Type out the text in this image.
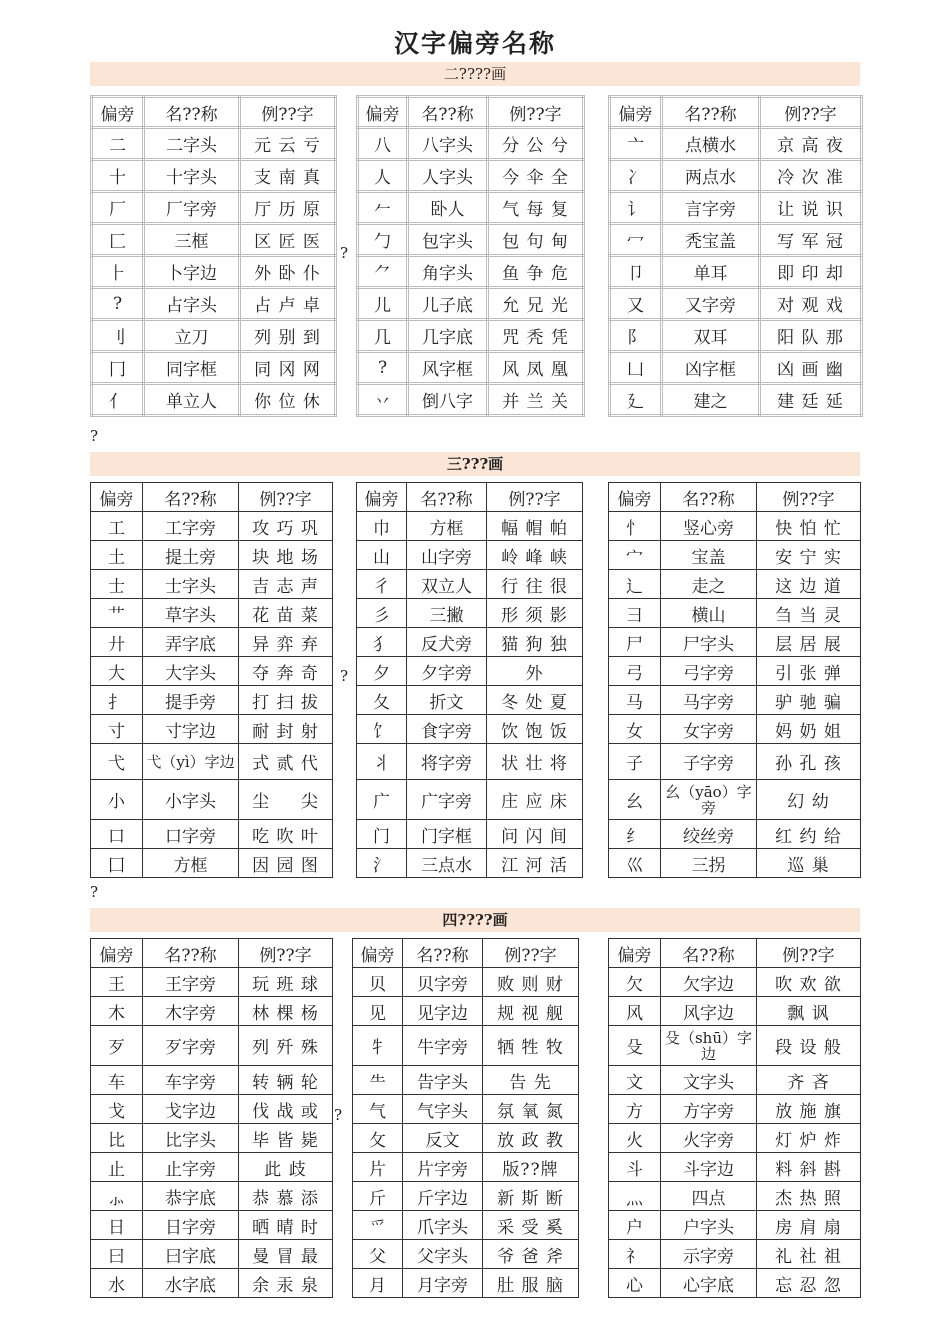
汉字偏旁名称
二????画
偏旁	名??称	例??字
二	二字头	元 云 亏
十	十字头	支 南 真
厂	厂字旁	厅 历 原
匚	三框	区 匠 医
⺊	卜字边	外 卧 仆
?	占字头	占 卢 卓
刂	立刀	列 别 到
冂	同字框	同 冈 网
亻	单立人	你 位 休
偏旁	名??称	例??字
八	八字头	分 公 兮
人	人字头	今 伞 全
𠂉	卧人	气 每 复
勹	包字头	包 句 甸
⺈	角字头	鱼 争 危
儿	儿子底	允 兄 光
几	几字底	咒 秃 凭
?	风字框	风 凤 凰
丷	倒八字	并 兰 关
偏旁	名??称	例??字
亠	点横水	京 高 夜
冫	两点水	冷 次 准
讠	言字旁	让 说 识
冖	秃宝盖	写 军 冠
卩	单耳	即 印 却
又	又字旁	对 观 戏
阝	双耳	阳 队 那
凵	凶字框	凶 画 幽
廴	建之	建 廷 延
?
?
三???画
偏旁	名??称	例??字
工	工字旁	攻 巧 巩
土	提土旁	块 地 场
士	士字头	吉 志 声
艹	草字头	花 苗 菜
廾	弄字底	异 弈 弃
大	大字头	夺 奔 奇
扌	提手旁	打 扫 拔
寸	寸字边	耐 封 射
弋	弋（yì）字边	式 贰 代
小	小字头	尘 　 尖
口	口字旁	吃 吹 叶
囗	方框	因 园 图
偏旁	名??称	例??字
巾	方框	幅 帽 帕
山	山字旁	岭 峰 峡
彳	双立人	行 往 很
彡	三撇	形 须 影
犭	反犬旁	猫 狗 独
夕	夕字旁	外
夂	折文	冬 处 夏
饣	食字旁	饮 饱 饭
丬	将字旁	状 壮 将
广	广字旁	庄 应 床
门	门字框	问 闪 间
氵	三点水	江 河 活
偏旁	名??称	例??字
忄	竖心旁	快 怕 忙
宀	宝盖	安 宁 实
辶	走之	这 边 道
彐	横山	刍 当 灵
尸	尸字头	层 居 展
弓	弓字旁	引 张 弹
马	马字旁	驴 驰 骗
女	女字旁	妈 奶 姐
子	子字旁	孙 孔 孩
幺	幺（yāo）字旁	幻 幼
纟	绞丝旁	红 约 给
巛	三拐	巡 巢
?
?
四????画
偏旁	名??称	例??字
王	王字旁	玩 班 球
木	木字旁	林 棵 杨
歹	歹字旁	列 歼 殊
车	车字旁	转 辆 轮
戈	戈字边	伐 战 或
比	比字头	毕 皆 毙
止	止字旁	此 歧
⺗	恭字底	恭 慕 添
日	日字旁	晒 晴 时
曰	曰字底	曼 冒 最
水	水字底	余 汞 泉
偏旁	名??称	例??字
贝	贝字旁	败 则 财
见	见字边	规 视 舰
牜	牛字旁	牺 牲 牧
⺧	告字头	告 先
气	气字头	氛 氧 氮
攵	反文	放 政 教
片	片字旁	版??牌
斤	斤字边	新 斯 断
爫	爪字头	采 受 奚
父	父字头	爷 爸 斧
月	月字旁	肚 服 脑
偏旁	名??称	例??字
欠	欠字边	吹 欢 欲
风	风字边	飘 讽
殳	殳（shū）字边	段 设 般
文	文字头	齐 吝
方	方字旁	放 施 旗
火	火字旁	灯 炉 炸
斗	斗字边	料 斜 斟
灬	四点	杰 热 照
户	户字头	房 肩 扇
礻	示字旁	礼 社 祖
心	心字底	忘 忍 忽
?
